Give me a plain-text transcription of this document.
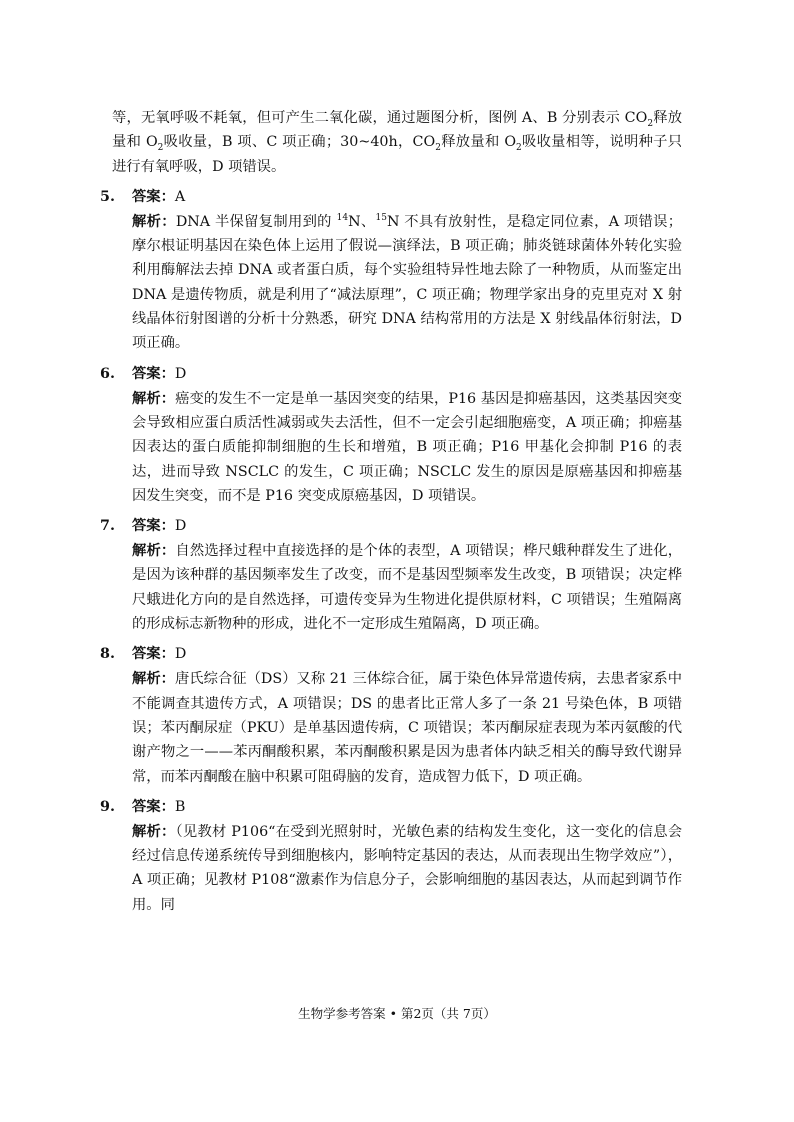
等，无氧呼吸不耗氧，但可产生二氧化碳，通过题图分析，图例 A、B 分别表示 $CO_2$释放量和 $O_2$吸收量，B 项、C 项正确；30~40h，$CO_2$释放量和 $O_2$吸收量相等，说明种子只进行有氧呼吸，D 项错误。
5.	答案： A
解析：DNA 半保留复制用到的 $^{14}$N、$^{15}$N 不具有放射性，是稳定同位素，A 项错误；摩尔根证明基因在染色体上运用了假说—演绎法，B 项正确；肺炎链球菌体外转化实验利用酶解法去掉 DNA 或者蛋白质，每个实验组特异性地去除了一种物质，从而鉴定出 DNA 是遗传物质，就是利用了“减法原理”，C 项正确；物理学家出身的克里克对 X 射线晶体衍射图谱的分析十分熟悉，研究 DNA 结构常用的方法是 X 射线晶体衍射法，D 项正确。
6.	答案： D
解析：癌变的发生不一定是单一基因突变的结果，P16 基因是抑癌基因，这类基因突变会导致相应蛋白质活性减弱或失去活性，但不一定会引起细胞癌变，A 项正确；抑癌基因表达的蛋白质能抑制细胞的生长和增殖，B 项正确；P16 甲基化会抑制 P16 的表达，进而导致 NSCLC 的发生，C 项正确；NSCLC 发生的原因是原癌基因和抑癌基因发生突变，而不是 P16 突变成原癌基因，D 项错误。
7.	答案： D
解析：自然选择过程中直接选择的是个体的表型，A 项错误；桦尺蛾种群发生了进化，是因为该种群的基因频率发生了改变，而不是基因型频率发生改变，B 项错误；决定桦尺蛾进化方向的是自然选择，可遗传变异为生物进化提供原材料，C 项错误；生殖隔离的形成标志新物种的形成，进化不一定形成生殖隔离，D 项正确。
8.	答案： D
解析：唐氏综合征（DS）又称 21 三体综合征，属于染色体异常遗传病，去患者家系中不能调查其遗传方式，A 项错误；DS 的患者比正常人多了一条 21 号染色体，B 项错误；苯丙酮尿症（PKU）是单基因遗传病，C 项错误；苯丙酮尿症表现为苯丙氨酸的代谢产物之一——苯丙酮酸积累，苯丙酮酸积累是因为患者体内缺乏相关的酶导致代谢异常，而苯丙酮酸在脑中积累可阻碍脑的发育，造成智力低下，D 项正确。
9.	答案： B
解析：（见教材 P106“在受到光照射时，光敏色素的结构发生变化，这一变化的信息会经过信息传递系统传导到细胞核内，影响特定基因的表达，从而表现出生物学效应”），A 项正确；见教材 P108“激素作为信息分子，会影响细胞的基因表达，从而起到调节作用。同
生物学参考答案 • 第2页（共 7页）
